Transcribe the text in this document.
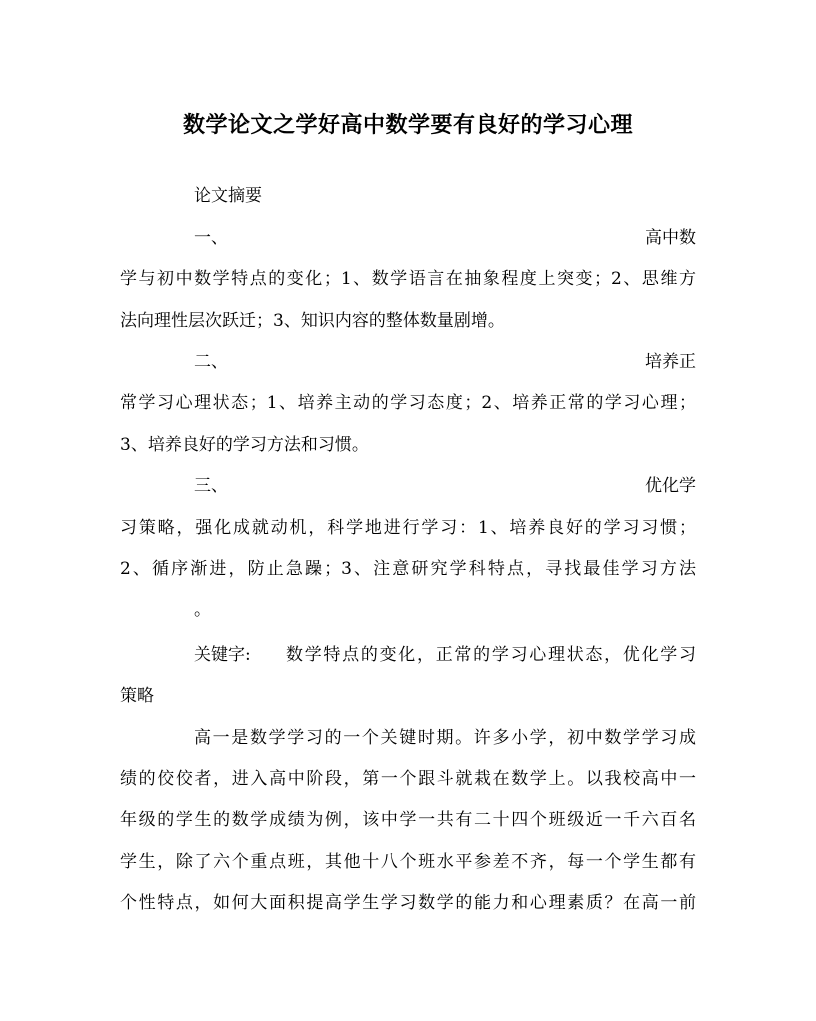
数学论文之学好高中数学要有良好的学习心理
论文摘要
一、	高中数
学与初中数学特点的变化；1、数学语言在抽象程度上突变；2、思维方
法向理性层次跃迁；3、知识内容的整体数量剧增。
二、	培养正
常学习心理状态；1、培养主动的学习态度；2、培养正常的学习心理；
3、培养良好的学习方法和习惯。
三、	优化学
习策略，强化成就动机，科学地进行学习：1、培养良好的学习习惯；
2、循序渐进，防止急躁；3、注意研究学科特点，寻找最佳学习方法
。
关键字: 数学特点的变化，正常的学习心理状态，优化学习
策略
高一是数学学习的一个关键时期。许多小学，初中数学学习成
绩的佼佼者，进入高中阶段，第一个跟斗就栽在数学上。以我校高中一
年级的学生的数学成绩为例，该中学一共有二十四个班级近一千六百名
学生，除了六个重点班，其他十八个班水平参差不齐，每一个学生都有
个性特点，如何大面积提高学生学习数学的能力和心理素质？在高一前
